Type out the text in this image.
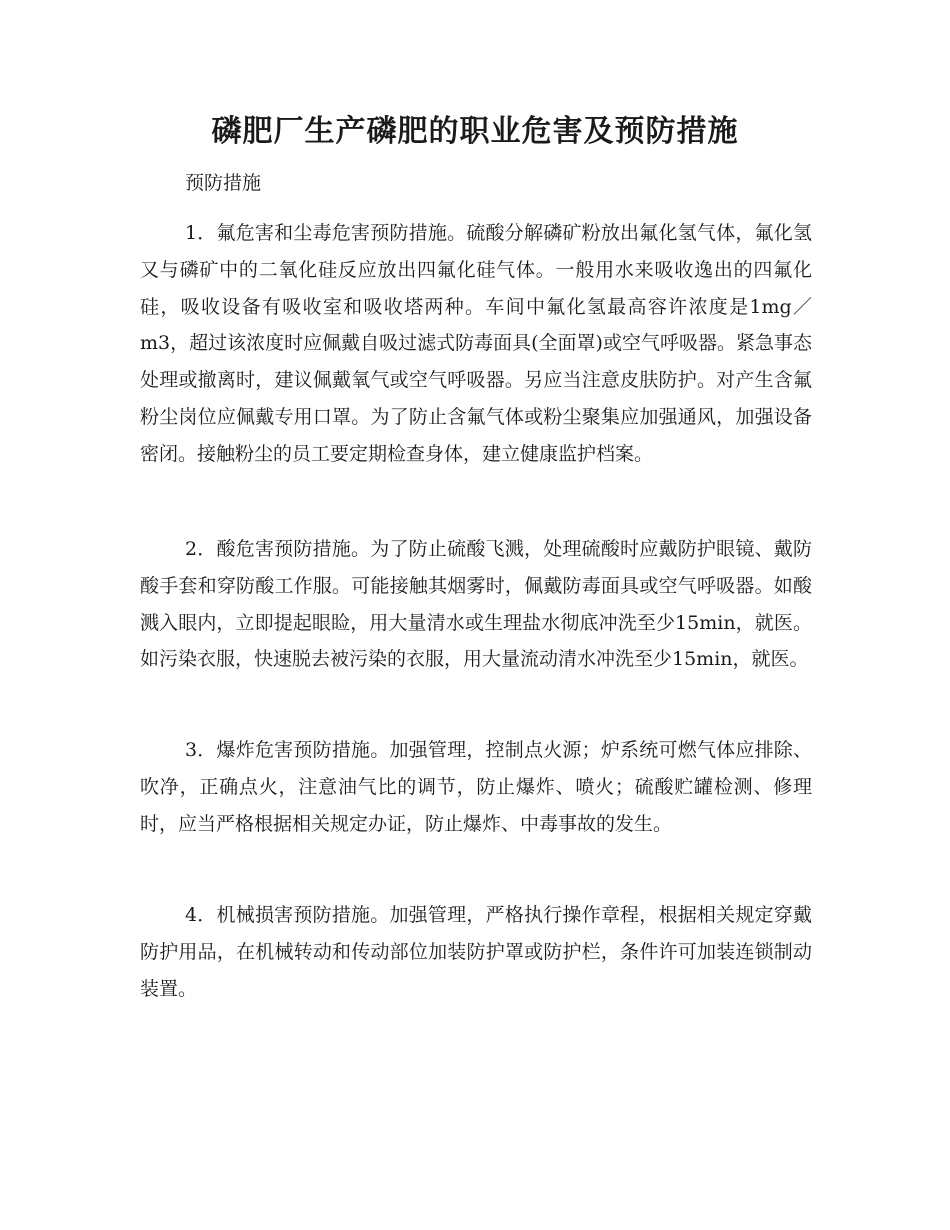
磷肥厂生产磷肥的职业危害及预防措施

预防措施

1．氟危害和尘毒危害预防措施。硫酸分解磷矿粉放出氟化氢气体，氟化氢又与磷矿中的二氧化硅反应放出四氟化硅气体。一般用水来吸收逸出的四氟化硅，吸收设备有吸收室和吸收塔两种。车间中氟化氢最高容许浓度是1mg／m3，超过该浓度时应佩戴自吸过滤式防毒面具(全面罩)或空气呼吸器。紧急事态处理或撤离时，建议佩戴氧气或空气呼吸器。另应当注意皮肤防护。对产生含氟粉尘岗位应佩戴专用口罩。为了防止含氟气体或粉尘聚集应加强通风，加强设备密闭。接触粉尘的员工要定期检查身体，建立健康监护档案。

2．酸危害预防措施。为了防止硫酸飞溅，处理硫酸时应戴防护眼镜、戴防酸手套和穿防酸工作服。可能接触其烟雾时，佩戴防毒面具或空气呼吸器。如酸溅入眼内，立即提起眼睑，用大量清水或生理盐水彻底冲洗至少15min，就医。如污染衣服，快速脱去被污染的衣服，用大量流动清水冲洗至少15min，就医。

3．爆炸危害预防措施。加强管理，控制点火源；炉系统可燃气体应排除、吹净，正确点火，注意油气比的调节，防止爆炸、喷火；硫酸贮罐检测、修理时，应当严格根据相关规定办证，防止爆炸、中毒事故的发生。

4．机械损害预防措施。加强管理，严格执行操作章程，根据相关规定穿戴防护用品，在机械转动和传动部位加装防护罩或防护栏，条件许可加装连锁制动装置。
